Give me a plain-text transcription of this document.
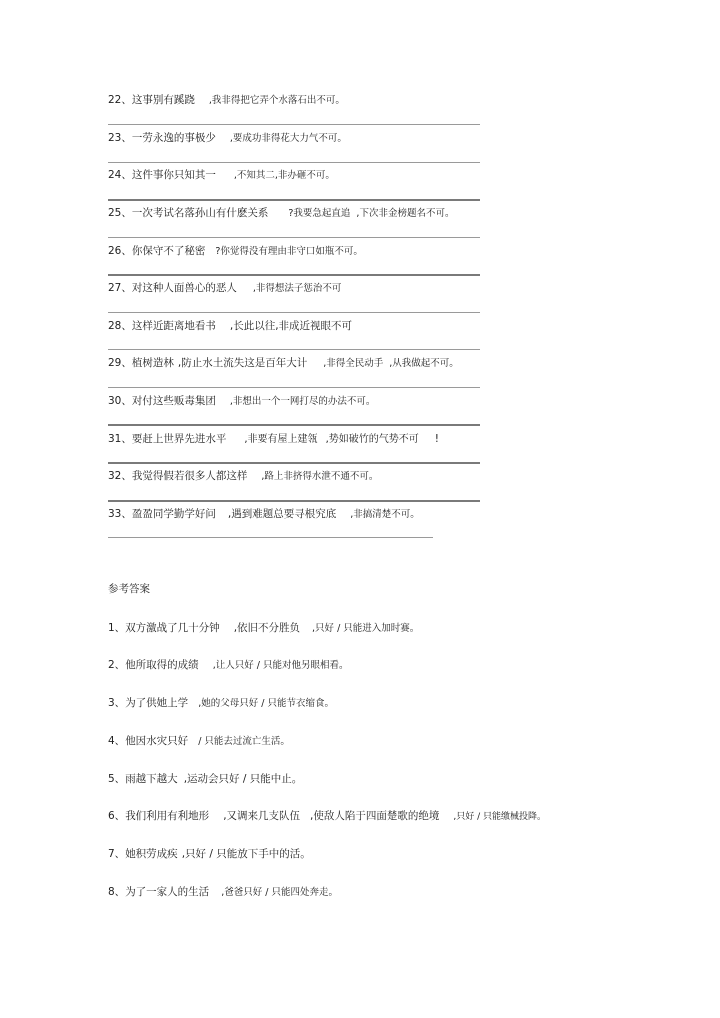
22、这事别有蹊跷 ,我非得把它弄个水落石出不可。
23、一劳永逸的事极少 ,要成功非得花大力气不可。
24、这件事你只知其一 ,不知其二,非办砸不可。
25、一次考试名落孙山有什麽关系 ?我要急起直追 ,下次非金榜题名不可。
26、你保守不了秘密 ?你觉得没有理由非守口如瓶不可。
27、对这种人面兽心的恶人 ,非得想法子惩治不可
28、这样近距离地看书 ,长此以往,非成近视眼不可
29、植树造林 ,防止水土流失这是百年大计 ,非得全民动手 ,从我做起不可。
30、对付这些贩毒集团 ,非想出一个一网打尽的办法不可。
31、要赶上世界先进水平 ,非要有屋上建瓴 ,势如破竹的气势不可 !
32、我觉得假若很多人都这样 ,路上非挤得水泄不通不可。
33、盈盈同学勤学好问 ,遇到难题总要寻根究底 ,非搞清楚不可。
参考答案
1、双方激战了几十分钟 ,依旧不分胜负 ,只好 / 只能进入加时赛。
2、他所取得的成绩 ,让人只好 / 只能对他另眼相看。
3、为了供她上学 ,她的父母只好 / 只能节衣缩食。
4、他因水灾只好 / 只能去过流亡生活。
5、雨越下越大 ,运动会只好 / 只能中止。
6、我们利用有利地形 ,又调来几支队伍 ,使敌人陷于四面楚歌的绝境 ,只好 / 只能缴械投降。
7、她积劳成疾 ,只好 / 只能放下手中的活。
8、为了一家人的生活 ,爸爸只好 / 只能四处奔走。
